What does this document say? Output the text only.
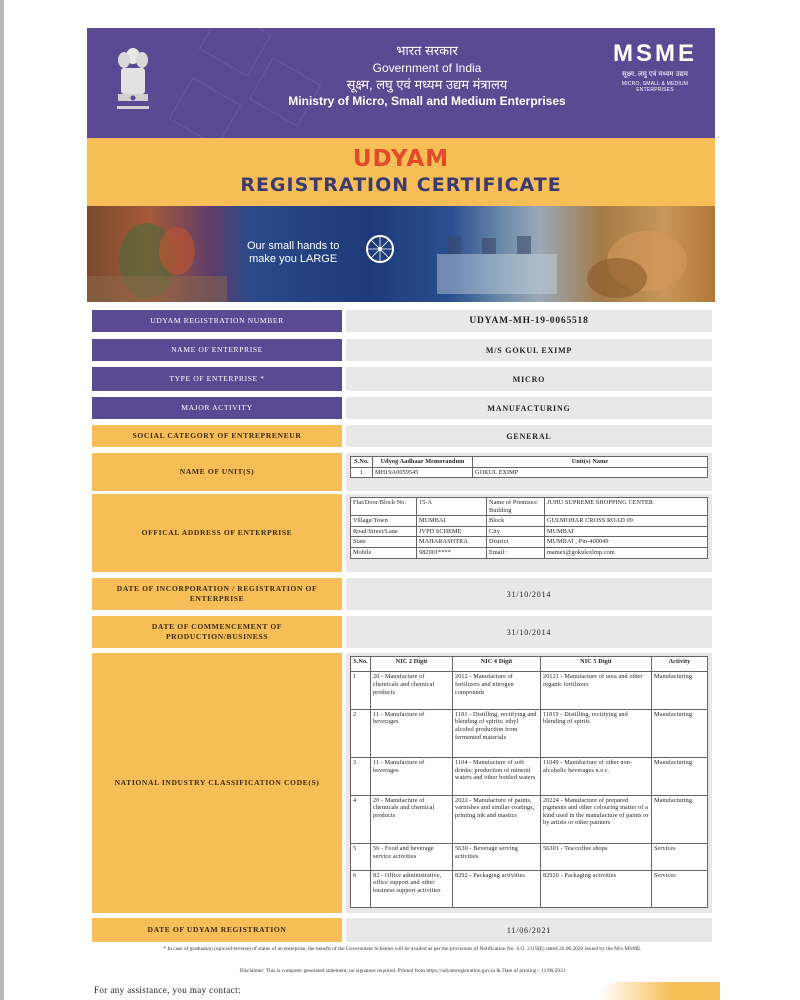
भारत सरकार
Government of India
सूक्ष्म, लघु एवं मध्यम उद्यम मंत्रालय
Ministry of Micro, Small and Medium Enterprises
MSME
सूक्ष्म, लघु एवं मध्यम उद्यम
MICRO, SMALL & MEDIUM ENTERPRISES
UDYAM
REGISTRATION CERTIFICATE
Our small hands to
make you LARGE
UDYAM REGISTRATION NUMBER	UDYAM-MH-19-0065518
NAME OF ENTERPRISE	M/S GOKUL EXIMP
TYPE OF ENTERPRISE *	MICRO
MAJOR ACTIVITY	MANUFACTURING
SOCIAL CATEGORY OF ENTREPRENEUR	GENERAL
NAME OF UNIT(S)
S.No.	Udyog Aadhaar Memorandum	Unit(s) Name
1	MH19A0059545	GOKUL EXIMP
OFFICAL ADDRESS OF ENTERPRISE
Flat/Door/Block No.	15-A	Name of Premises/ Building	JUHU SUPREME SHOPPING CENTER
Village/Town	MUMBAI	Block	GULMOHAR CROSS ROAD 09
Road/Street/Lane	JVPD SCHEME	City	MUMBAI
State	MAHARASHTRA	District	MUMBAI , Pin-400049
Mobile	982001****	Email :	mamex@gokulexlmp.com
DATE OF INCORPORATION / REGISTRATION OF ENTERPRISE	31/10/2014
DATE OF COMMENCEMENT OF PRODUCTION/BUSINESS	31/10/2014
NATIONAL INDUSTRY CLASSIFICATION CODE(S)
S.No.	NIC 2 Digit	NIC 4 Digit	NIC 5 Digit	Activity
1	20 - Manufacture of chemicals and chemical products	2012 - Manufacture of fertilizers and nitrogen compounds	20121 - Manufacture of urea and other organic fertilizers	Manufacturing
2	11 - Manufacture of beverages	1101 - Distilling, rectifying and blending of spirits; ethyl alcohol production from fermented materials	11019 - Distilling, rectifying and blending of spirits	Manufacturing
3	11 - Manufacture of beverages	1104 - Manufacture of soft drinks; production of mineral waters and other bottled waters	11049 - Manufacture of other non-alcoholic beverages n.e.c.	Manufacturing
4	20 - Manufacture of chemicals and chemical products	2022 - Manufacture of paints, varnishes and similar coatings, printing ink and mastics	20224 - Manufacture of prepared pigments and other colouring matter of a kind used in the manufacture of paints or by artists or other painters	Manufacturing
5	56 - Food and beverage service activities	5630 - Beverage serving activities	56301 - Tea/coffee shops	Services
6	82 - Office administrative, office support and other business support activities	8292 - Packaging activities	82920 - Packaging activities	Services
DATE OF UDYAM REGISTRATION	11/06/2021
* In case of graduation (upward/reverse) of status of an enterprise, the benefit of the Government Schemes will be availed as per the provisions of Notification No. S.O. 2119(E) dated 26.06.2020 issued by the M/o MSME.
Disclaimer: This is computer generated statement, no signature required. Printed from https://udyamregistration.gov.in & Date of printing:- 11/06/2021
For any assistance, you may contact:
